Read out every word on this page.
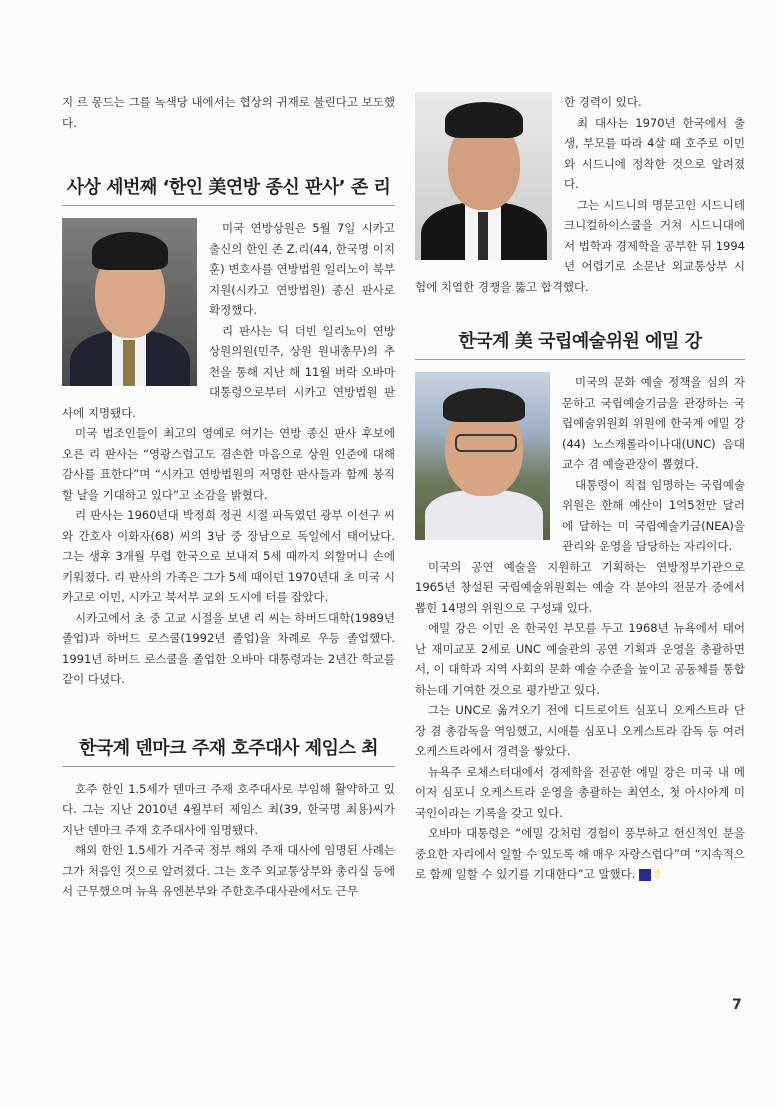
지 르 몽드는 그를 녹색당 내에서는 협상의 귀재로 불린다고 보도했다.

사상 세번째 ‘한인 美연방 종신 판사’ 존 리

미국 연방상원은 5월 7일 시카고 출신의 한인 존 Z.리(44, 한국명 이지훈) 변호사를 연방법원 일리노이 북부지원(시카고 연방법원) 종신 판사로 확정했다.

리 판사는 딕 더빈 일리노이 연방 상원의원(민주, 상원 원내총무)의 추천을 통해 지난 해 11월 버락 오바마 대통령으로부터 시카고 연방법원 판사에 지명됐다.

미국 법조인들이 최고의 영예로 여기는 연방 종신 판사 후보에 오른 리 판사는 “영광스럽고도 겸손한 마음으로 상원 인준에 대해 감사를 표한다”며 “시카고 연방법원의 저명한 판사들과 함께 봉직할 날을 기대하고 있다”고 소감을 밝혔다.

리 판사는 1960년대 박정희 정권 시절 파독였던 광부 이선구 씨와 간호사 이화자(68) 씨의 3남 중 장남으로 독일에서 태어났다. 그는 생후 3개월 무렵 한국으로 보내져 5세 때까지 외할머니 손에 키워졌다. 리 판사의 가족은 그가 5세 때이던 1970년대 초 미국 시카고로 이민, 시카고 북서부 교외 도시에 터를 잡았다.

시카고에서 초 중 고교 시절을 보낸 리 씨는 하버드대학(1989년 졸업)과 하버드 로스쿨(1992년 졸업)을 차례로 우등 졸업했다. 1991년 하버드 로스쿨을 졸업한 오바마 대통령과는 2년간 학교를 같이 다녔다.

한국계 덴마크 주재 호주대사 제임스 최

호주 한인 1.5세가 덴마크 주재 호주대사로 부임해 활약하고 있다. 그는 지난 2010년 4월부터 제임스 최(39, 한국명 최용)씨가 지난 덴마크 주재 호주대사에 임명됐다.

해외 한인 1.5세가 거주국 정부 해외 주재 대사에 임명된 사례는 그가 처음인 것으로 알려졌다. 그는 호주 외교통상부와 총리실 등에서 근무했으며 뉴욕 유엔본부와 주한호주대사관에서도 근무

한 경력이 있다.

최 대사는 1970년 한국에서 출생, 부모를 따라 4살 때 호주로 이민와 시드니에 정착한 것으로 알려졌다.

그는 시드니의 명문고인 시드니테크니컬하이스쿨을 거쳐 시드니대에서 법학과 경제학을 공부한 뒤 1994년 어렵기로 소문난 외교통상부 시험에 치열한 경쟁을 뚫고 합격했다.

한국계 美 국립예술위원 에밀 강

미국의 문화 예술 정책을 심의 자문하고 국립예술기금을 관장하는 국립예술위원회 위원에 한국계 에밀 강(44) 노스캐롤라이나대(UNC) 음대 교수 겸 예술관장이 뽑혔다.

대통령이 직접 임명하는 국립예술위원은 한해 예산이 1억5천만 달러에 달하는 미 국립예술기금(NEA)을 관리와 운영을 담당하는 자리이다.

미국의 공연 예술을 지원하고 기획하는 연방정부기관으로 1965년 창설된 국립예술위원회는 예술 각 분야의 전문가 중에서 뽑힌 14명의 위원으로 구성돼 있다.

에밀 강은 이민 온 한국인 부모를 두고 1968년 뉴욕에서 태어난 재미교포 2세로 UNC 예술관의 공연 기획과 운영을 총괄하면서, 이 대학과 지역 사회의 문화 예술 수준을 높이고 공동체를 통합하는데 기여한 것으로 평가받고 있다.

그는 UNC로 옮겨오기 전에 디트로이트 심포니 오케스트라 단장 겸 총감독을 역임했고, 시애틀 심포니 오케스트라 감독 등 여러 오케스트라에서 경력을 쌓았다.

뉴욕주 로체스터대에서 경제학을 전공한 에밀 강은 미국 내 메이저 심포니 오케스트라 운영을 총괄하는 최연소, 첫 아시아계 미국인이라는 기록을 갖고 있다.

오바마 대통령은 “에밀 강처럼 경험이 풍부하고 헌신적인 분을 중요한 자리에서 일할 수 있도록 해 매우 자랑스럽다”며 “지속적으로 함께 일할 수 있기를 기대한다”고 말했다. 창

7
